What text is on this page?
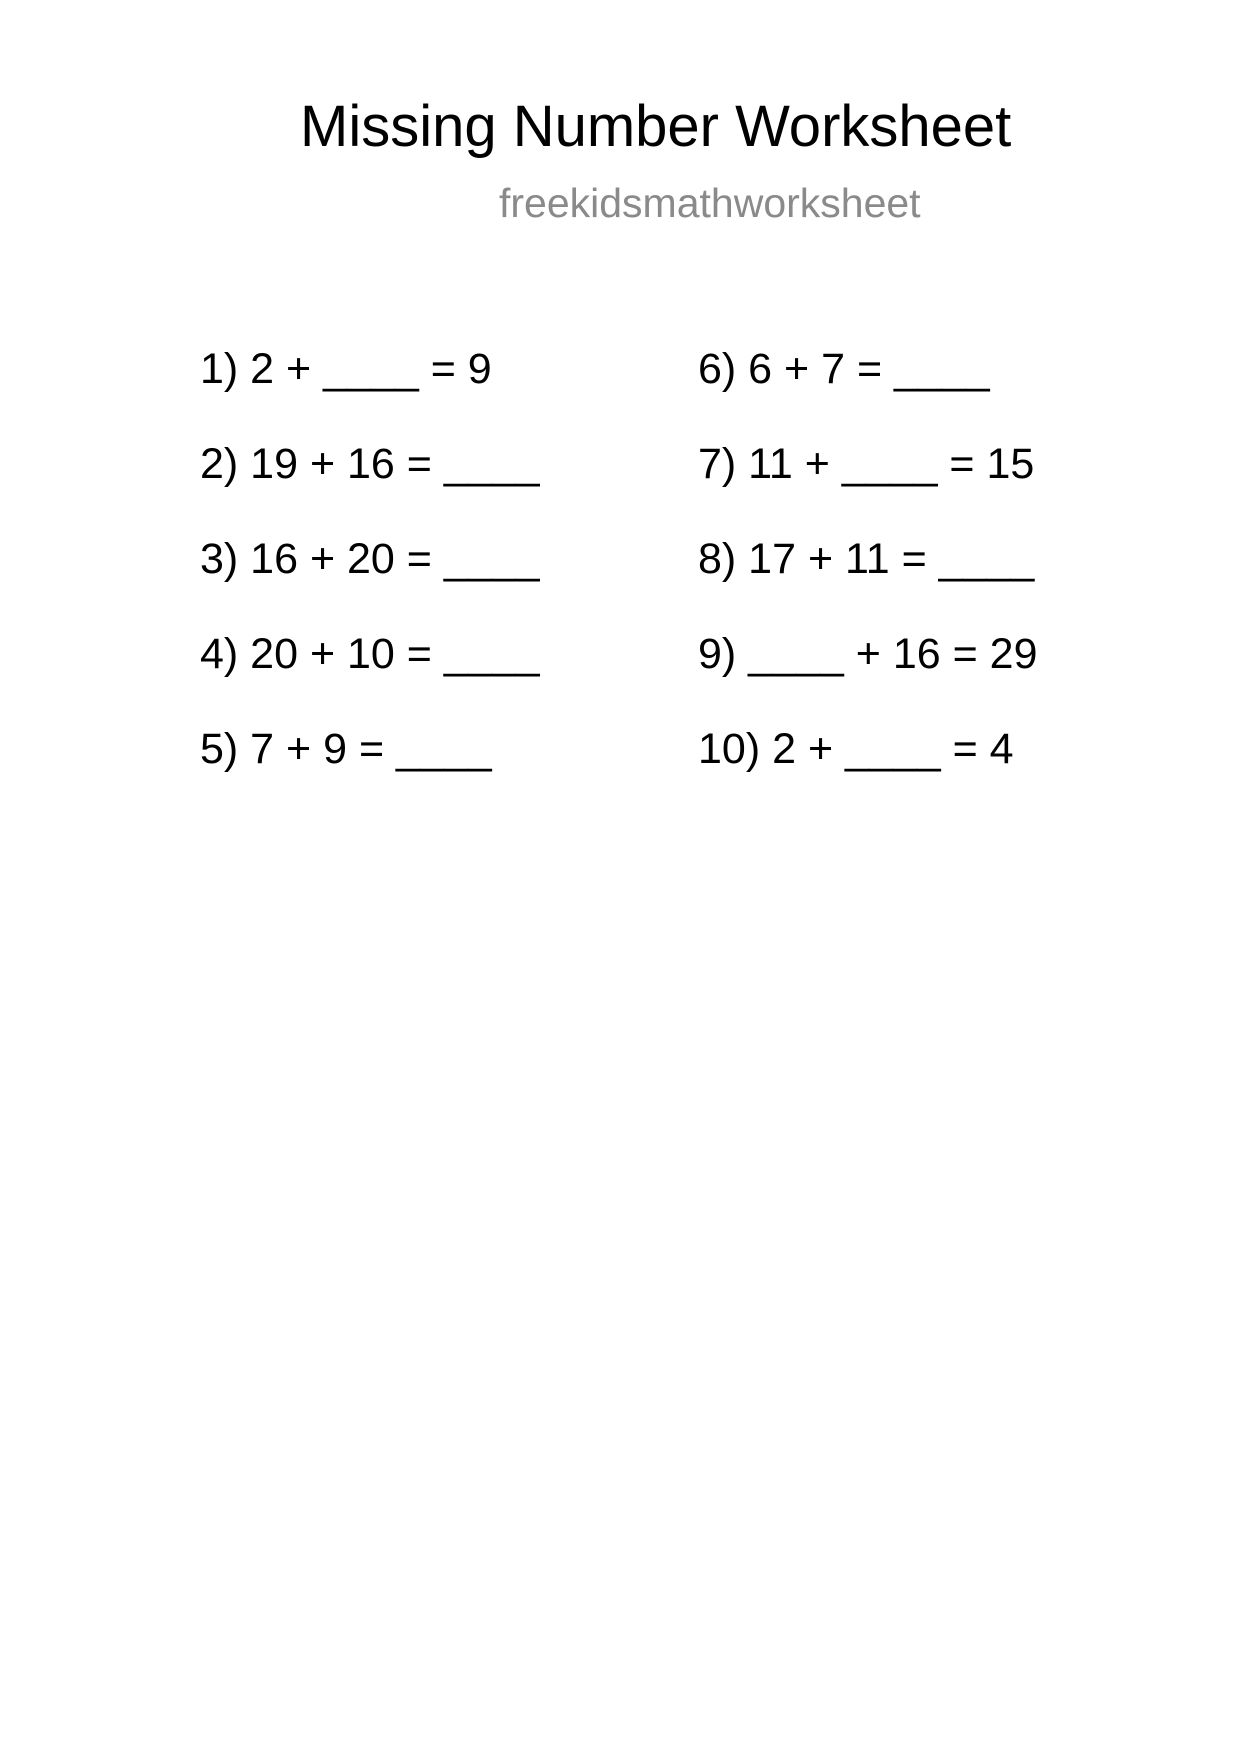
Missing Number Worksheet
freekidsmathworksheet
1) 2 + ____ = 9
2) 19 + 16 = ____
3) 16 + 20 = ____
4) 20 + 10 = ____
5) 7 + 9 = ____
6) 6 + 7 = ____
7) 11 + ____ = 15
8) 17 + 11 = ____
9) ____ + 16 = 29
10) 2 + ____ = 4
